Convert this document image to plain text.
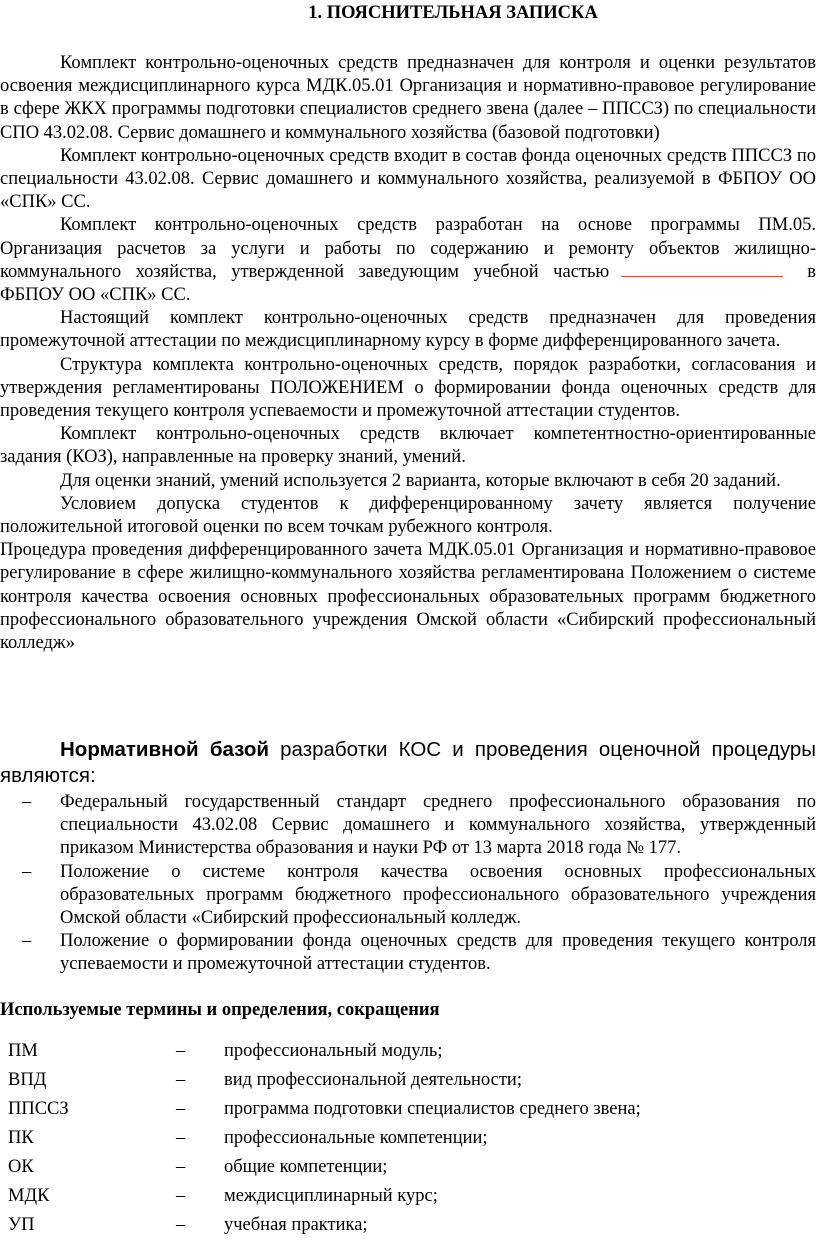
1. ПОЯСНИТЕЛЬНАЯ ЗАПИСКА

Комплект контрольно-оценочных средств предназначен для контроля и оценки результатов освоения междисциплинарного курса МДК.05.01 Организация и нормативно-правовое регулирование в сфере ЖКХ программы подготовки специалистов среднего звена (далее – ППССЗ) по специальности СПО 43.02.08. Сервис домашнего и коммунального хозяйства (базовой подготовки)

Комплект контрольно-оценочных средств входит в состав фонда оценочных средств ППССЗ по специальности 43.02.08. Сервис домашнего и коммунального хозяйства, реализуемой в ФБПОУ ОО «СПК» СС.

Комплект контрольно-оценочных средств разработан на основе программы ПМ.05. Организация расчетов за услуги и работы по содержанию и ремонту объектов жилищно-коммунального хозяйства, утвержденной заведующим учебной частью	в ФБПОУ ОО «СПК» СС.

Настоящий комплект контрольно-оценочных средств предназначен для проведения промежуточной аттестации по междисциплинарному курсу в форме дифференцированного зачета.

Структура комплекта контрольно-оценочных средств, порядок разработки, согласования и утверждения регламентированы ПОЛОЖЕНИЕМ о формировании фонда оценочных средств для проведения текущего контроля успеваемости и промежуточной аттестации студентов.

Комплект контрольно-оценочных средств включает компетентностно-ориентированные задания (КОЗ), направленные на проверку знаний, умений.

Для оценки знаний, умений используется 2 варианта, которые включают в себя 20 заданий.

Условием допуска студентов к дифференцированному зачету является получение положительной итоговой оценки по всем точкам рубежного контроля.

Процедура проведения дифференцированного зачета МДК.05.01 Организация и нормативно-правовое регулирование в сфере жилищно-коммунального хозяйства регламентирована Положением о системе контроля качества освоения основных профессиональных образовательных программ бюджетного профессионального образовательного учреждения Омской области «Сибирский профессиональный колледж»

Нормативной базой разработки КОС и проведения оценочной процедуры являются:

– Федеральный государственный стандарт среднего профессионального образования по специальности 43.02.08 Сервис домашнего и коммунального хозяйства, утвержденный приказом Министерства образования и науки РФ от 13 марта 2018 года № 177.
– Положение о системе контроля качества освоения основных профессиональных образовательных программ бюджетного профессионального образовательного учреждения Омской области «Сибирский профессиональный колледж.
– Положение о формировании фонда оценочных средств для проведения текущего контроля успеваемости и промежуточной аттестации студентов.
Используемые термины и определения, сокращения
ПМ	–	профессиональный модуль;
ВПД	–	вид профессиональной деятельности;
ППССЗ	–	программа подготовки специалистов среднего звена;
ПК	–	профессиональные компетенции;
ОК	–	общие компетенции;
МДК	–	междисциплинарный курс;
УП	–	учебная практика;
